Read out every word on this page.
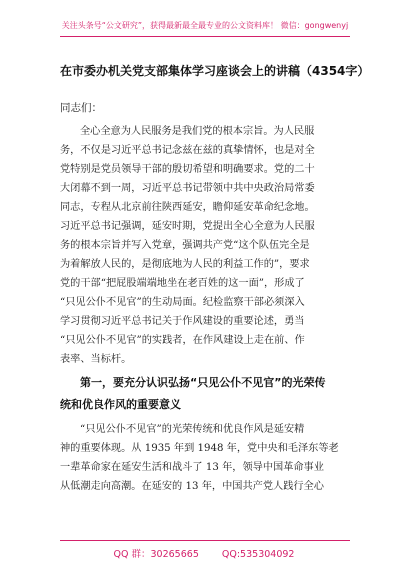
关注头条号“公文研究”，获得最新最全最专业的公文资料库！ 微信：gongwenyj
在市委办机关党支部集体学习座谈会上的讲稿（4354字）
同志们：
全心全意为人民服务是我们党的根本宗旨。为人民服
务，不仅是习近平总书记念兹在兹的真挚情怀，也是对全
党特别是党员领导干部的殷切希望和明确要求。党的二十
大闭幕不到一周，习近平总书记带领中共中央政治局常委
同志，专程从北京前往陕西延安，瞻仰延安革命纪念地。
习近平总书记强调，延安时期，党提出全心全意为人民服
务的根本宗旨并写入党章，强调共产党“这个队伍完全是
为着解放人民的，是彻底地为人民的利益工作的”，要求
党的干部“把屁股端端地坐在老百姓的这一面”，形成了
“只见公仆不见官”的生动局面。纪检监察干部必须深入
学习贯彻习近平总书记关于作风建设的重要论述，勇当
“只见公仆不见官”的实践者，在作风建设上走在前、作
表率、当标杆。
第一，要充分认识弘扬“只见公仆不见官”的光荣传
统和优良作风的重要意义
“只见公仆不见官”的光荣传统和优良作风是延安精
神的重要体现。从 1935 年到 1948 年，党中央和毛泽东等老
一辈革命家在延安生活和战斗了 13 年，领导中国革命事业
从低潮走向高潮。在延安的 13 年，中国共产党人践行全心
QQ 群：30265665 QQ:535304092
